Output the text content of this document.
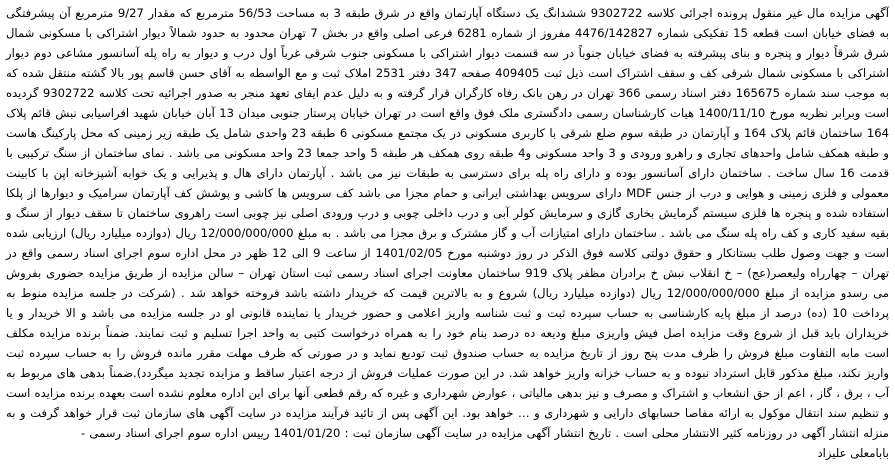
آگهی مزایده مال غیر منقول پرونده اجرائی کلاسه 9302722 ششدانگ یک دستگاه آپارتمان واقع در شرق طبقه 3 به مساحت 56/53 مترمربع که مقدار 9/27 مترمربع آن پیشرفتگی به فضای خیابان است قطعه 15 تفکیکی شماره 4476/142827 مفروز از شماره 6281 فرعی اصلی واقع در بخش 7 تهران محدود به حدود شمالاً دیوار اشتراکی با مسکونی شمال شرق شرقاً دیوار و پنجره و بنای پیشرفته به فضای خیابان جنوباً در سه قسمت دیوار اشتراکی با مسکونی جنوب شرقی غرباً اول درب و دیوار به راه پله آسانسور مشاعی دوم دیوار اشتراکی با مسکونی شمال شرقی کف و سقف اشتراک است ذیل ثبت 409405 صفحه 347 دفتر 2531 املاک ثبت و مع الواسطه به آقای حسن قاسم پور بالا گشته منتقل شده که به موجب سند شماره 165675 دفتر اسناد رسمی 366 تهران در رهن بانک رفاه کارگران قرار گرفته و به دلیل عدم ایفای تعهد منجر به صدور اجرائیه تحت کلاسه 9302722 گردیده است وبرابر نظریه مورخ 1400/11/10 هیات کارشناسان رسمی دادگستری ملک فوق واقع است در تهران خیابان پرستار جنوبی میدان 13 آبان خیابان شهید افراسیابی نبش قائم پلاک 164 ساختمان قائم پلاک 164 و آپارتمان در طبقه سوم ضلع شرقی با کاربری مسکونی در یک مجتمع مسکونی 6 طبقه 23 واحدی شامل یک طبقه زیر زمینی که محل پارکینگ هاست و طبقه همکف شامل واحدهای تجاری و راهرو ورودی و 3 واحد مسکونی و4 طبقه روی همکف هر طبقه 5 واحد جمعا 23 واحد مسکونی می باشد . نمای ساختمان از سنگ ترکیبی با قدمت 16 سال ساخت . ساختمان دارای آسانسور بوده و دارای راه پله برای دسترسی به طبقات نیز می باشد . آپارتمان دارای هال و پذیرایی و یک خوابه آشپزخانه اپن با کابینت معمولی و فلزی زمینی و هوایی و درب از جنس MDF دارای سرویس بهداشتی ایرانی و حمام مجزا می باشد کف سرویس ها کاشی و پوشش کف آپارتمان سرامیک و دیوارها از پلکا استفاده شده و پنجره ها فلزی سیستم گرمایش بخاری گازی و سرمایش کولر آبی و درب داخلی چوبی و درب ورودی اصلی نیز چوبی است راهروی ساختمان تا سقف دیوار از سنگ و بقیه سفید کاری و کف راه پله سنگ می باشد . ساختمان دارای امتیازات آب و گاز مشترک و برق مجزا می باشد . به مبلغ 12/000/000/000 ریال (دوازده میلیارد ریال) ارزیابی شده است و جهت وصول طلب بستانکار و حقوق دولتی کلاسه فوق الذکر در روز دوشنبه مورخ 1401/02/05 از ساعت 9 الی 12 ظهر در محل اداره سوم اجرای اسناد رسمی واقع در تهران – چهارراه ولیعصر(عج) – خ انقلاب نبش خ برادران مظفر پلاک 919 ساختمان معاونت اجرای اسناد رسمی ثبت استان تهران – سالن مزایده از طریق مزایده حضوری بفروش می رسدو مزایده از مبلغ 12/000/000/000 ریال (دوازده میلیارد ریال) شروع و به بالاترین قیمت که خریدار داشته باشد فروخته خواهد شد . (شرکت در جلسه مزایده منوط به پرداخت 10 (ده) درصد از مبلغ پایه کارشناسی به حساب سپرده ثبت و ثبت شناسه واریز اعلامی و حضور خریدار یا نماینده قانونی او در جلسه مزایده می باشد و الا خریدار و یا خریداران باید قبل از شروع وقت مزایده اصل فیش واریزی مبلغ ودیعه ده درصد بنام خود را به همراه درخواست کتبی به واحد اجرا تسلیم و ثبت نمایند. ضمناً برنده مزایده مکلف است مابه التفاوت مبلغ فروش را ظرف مدت پنج روز از تاریخ مزایده به حساب صندوق ثبت تودیع نماید و در صورتی که ظرف مهلت مقرر مانده فروش را به حساب سپرده ثبت واریز نکند، مبلغ مذکور قابل استرداد نبوده و به حساب خزانه واریز خواهد شد. در این صورت عملیات فروش از درجه اعتبار ساقط و مزایده تجدید میگردد).ضمناً بدهی های مربوط به آب ، برق ، گاز ، اعم از حق انشعاب و اشتراک و مصرف و نیز بدهی مالیاتی ، عوارض شهرداری و غیره که رقم قطعی آنها برای این اداره معلوم نشده است بعهده برنده مزایده است و تنظیم سند انتقال موکول به ارائه مفاصا حسابهای دارایی و شهرداری و … خواهد بود. این آگهی پس از تائید فرآیند مزایده در سایت آگهی های سازمان ثبت قرار خواهد گرفت و به منزله انتشار آگهی در روزنامه کثیر الانتشار محلی است . تاریخ انتشار آگهی مزایده در سایت آگهی سازمان ثبت : 1401/01/20 رییس اداره سوم اجرای اسناد رسمی -
بابامعلی علیزاد
